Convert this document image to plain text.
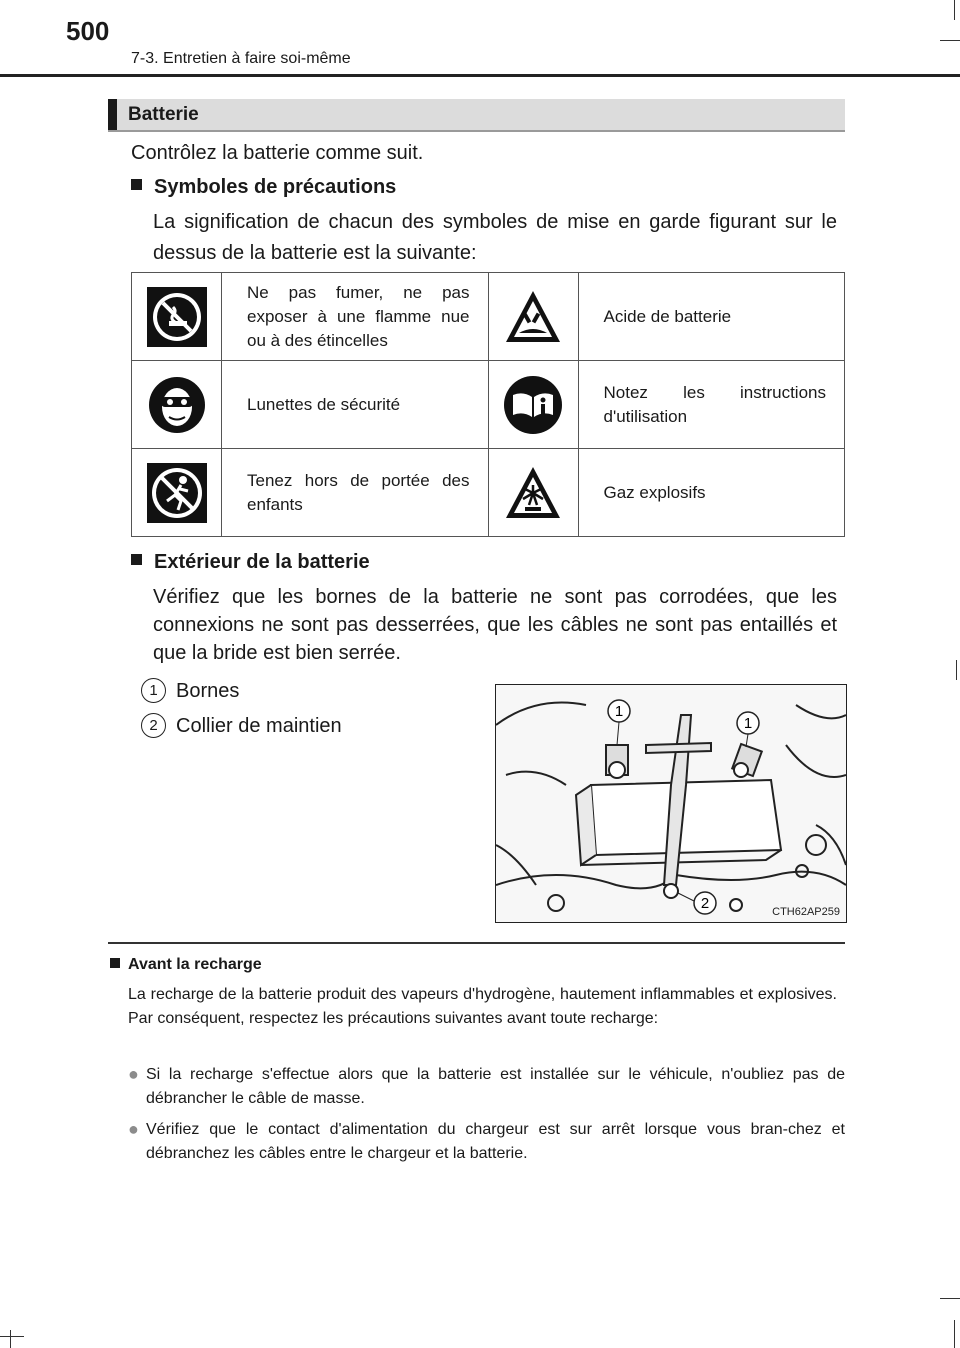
500
7-3. Entretien à faire soi-même
Batterie
Contrôlez la batterie comme suit.
Symboles de précautions
La signification de chacun des symboles de mise en garde figurant sur le dessus de la batterie est la suivante:
	Ne pas fumer, ne pas exposer à une flamme nue ou à des étincelles		Acide de batterie

	Lunettes de sécurité		Notez les instructions d'utilisation

	Tenez hors de portée des enfants		Gaz explosifs
Extérieur de la batterie
Vérifiez que les bornes de la batterie ne sont pas corrodées, que les connexions ne sont pas desserrées, que les câbles ne sont pas entaillés et que la bride est bien serrée.
1 Bornes
2 Collier de maintien
1
1
2	CTH62AP259
Avant la recharge
La recharge de la batterie produit des vapeurs d'hydrogène, hautement inflammables et explosives. Par conséquent, respectez les précautions suivantes avant toute recharge:
● Si la recharge s'effectue alors que la batterie est installée sur le véhicule, n'oubliez pas de débrancher le câble de masse.
● Vérifiez que le contact d'alimentation du chargeur est sur arrêt lorsque vous bran-chez et débranchez les câbles entre le chargeur et la batterie.
